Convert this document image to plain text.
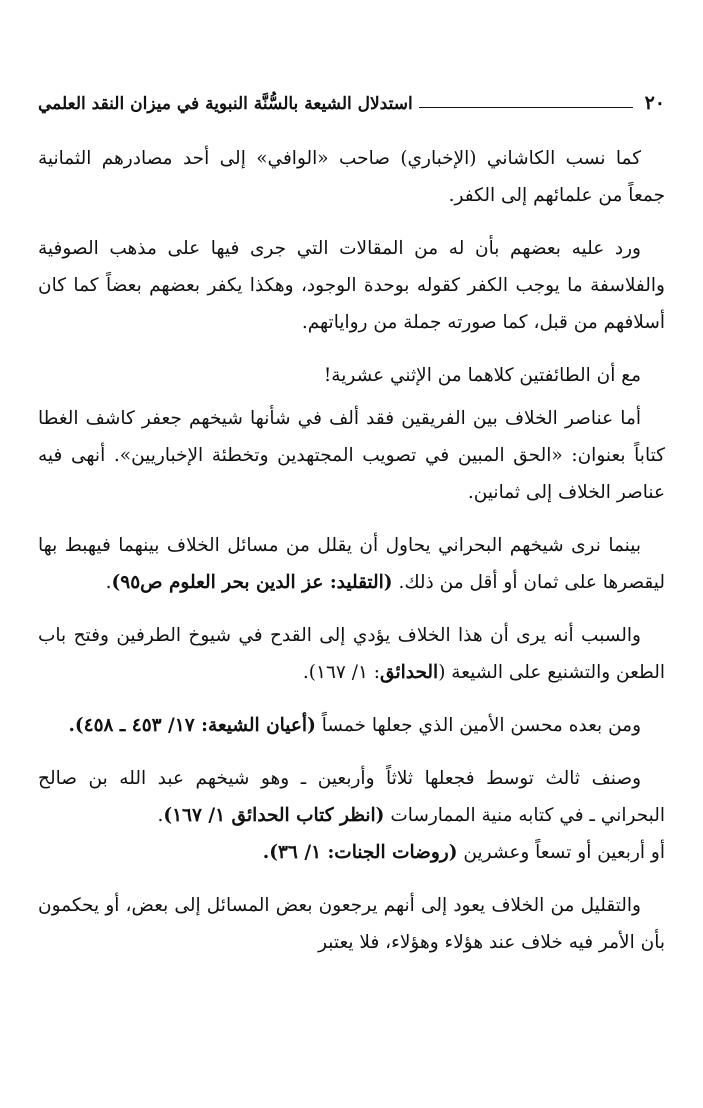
٢٠
استدلال الشيعة بالسُّنَّة النبوية في ميزان النقد العلمي

كما نسب الكاشاني (الإخباري) صاحب «الوافي» إلى أحد مصادرهم الثمانية جمعاً من علمائهم إلى الكفر.

ورد عليه بعضهم بأن له من المقالات التي جرى فيها على مذهب الصوفية والفلاسفة ما يوجب الكفر كقوله بوحدة الوجود، وهكذا يكفر بعضهم بعضاً كما كان أسلافهم من قبل، كما صورته جملة من رواياتهم.

مع أن الطائفتين كلاهما من الإثني عشرية!

أما عناصر الخلاف بين الفريقين فقد ألف في شأنها شيخهم جعفر كاشف الغطا كتاباً بعنوان: «الحق المبين في تصويب المجتهدين وتخطئة الإخباريين». أنهى فيه عناصر الخلاف إلى ثمانين.

بينما نرى شيخهم البحراني يحاول أن يقلل من مسائل الخلاف بينهما فيهبط بها ليقصرها على ثمان أو أقل من ذلك. (التقليد: عز الدين بحر العلوم ص٩٥).

والسبب أنه يرى أن هذا الخلاف يؤدي إلى القدح في شيوخ الطرفين وفتح باب الطعن والتشنيع على الشيعة (الحدائق: ١/ ١٦٧).

ومن بعده محسن الأمين الذي جعلها خمساً (أعيان الشيعة: ١٧/ ٤٥٣ ـ ٤٥٨).

وصنف ثالث توسط فجعلها ثلاثاً وأربعين ـ وهو شيخهم عبد الله بن صالح البحراني ـ في كتابه منية الممارسات (انظر كتاب الحدائق ١/ ١٦٧).
أو أربعين أو تسعاً وعشرين (روضات الجنات: ١/ ٣٦).

والتقليل من الخلاف يعود إلى أنهم يرجعون بعض المسائل إلى بعض، أو يحكمون بأن الأمر فيه خلاف عند هؤلاء وهؤلاء، فلا يعتبر
